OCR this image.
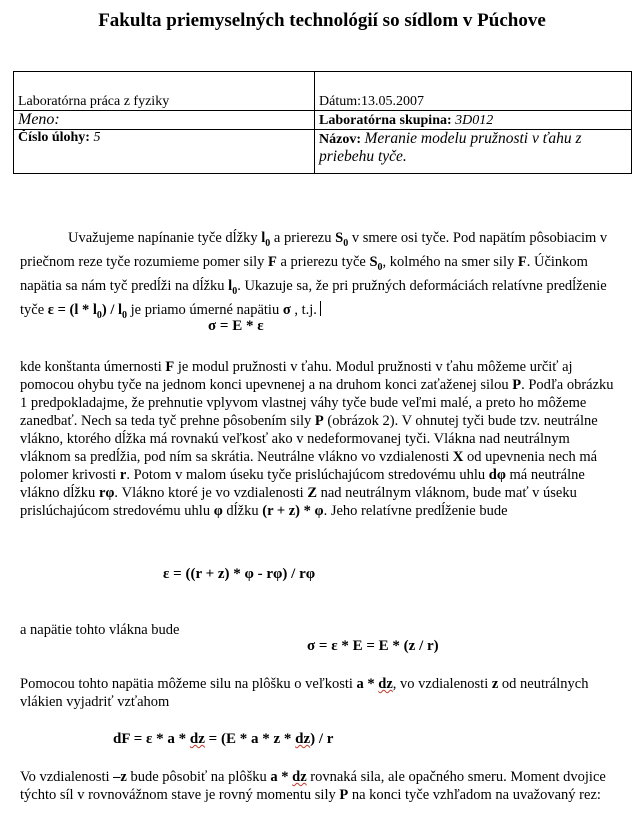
Fakulta priemyselných technológií so sídlom v Púchove
Laboratórna práca z fyziky	Dátum:13.05.2007
Meno:	Laboratórna skupina: 3D012
Číslo úlohy: 5	Názov: Meranie modelu pružnosti v ťahu z priebehu tyče.
Uvažujeme napínanie tyče dĺžky $l_0$ a prierezu $S_0$ v smere osi tyče. Pod napätím pôsobiacim v priečnom reze tyče rozumieme pomer sily F a prierezu tyče $S_0$, kolmého na smer sily F. Účinkom napätia sa nám tyč predĺži na dĺžku $l_0$. Ukazuje sa, že pri pružných deformáciách relatívne predĺženie tyče $\varepsilon = (l * l_0) / l_0$ je priamo úmerné napätiu σ , t.j.
σ = E * ε
kde konštanta úmernosti F je modul pružnosti v ťahu. Modul pružnosti v ťahu môžeme určiť aj pomocou ohybu tyče na jednom konci upevnenej a na druhom konci zaťaženej silou P. Podľa obrázku 1 predpokladajme, že prehnutie vplyvom vlastnej váhy tyče bude veľmi malé, a preto ho môžeme zanedbať. Nech sa teda tyč prehne pôsobením sily P (obrázok 2). V ohnutej tyči bude tzv. neutrálne vlákno, ktorého dĺžka má rovnakú veľkosť ako v nedeformovanej tyči. Vlákna nad neutrálnym vláknom sa predĺžia, pod ním sa skrátia. Neutrálne vlákno vo vzdialenosti X od upevnenia nech má polomer krivosti r. Potom v malom úseku tyče prislúchajúcom stredovému uhlu dφ má neutrálne vlákno dĺžku rφ. Vlákno ktoré je vo vzdialenosti Z nad neutrálnym vláknom, bude mať v úseku prislúchajúcom stredovému uhlu φ dĺžku (r + z) * φ. Jeho relatívne predĺženie bude
ε = ((r + z) * φ - rφ) / rφ
a napätie tohto vlákna bude
σ = ε * E = E * (z / r)
Pomocou tohto napätia môžeme silu na plôšku o veľkosti a * dz, vo vzdialenosti z od neutrálnych vlákien vyjadriť vzťahom
dF = ε * a * dz = (E * a * z * dz) / r
Vo vzdialenosti –z bude pôsobiť na plôšku a * dz rovnaká sila, ale opačného smeru. Moment dvojice týchto síl v rovnovážnom stave je rovný momentu sily P na konci tyče vzhľadom na uvažovaný rez:
